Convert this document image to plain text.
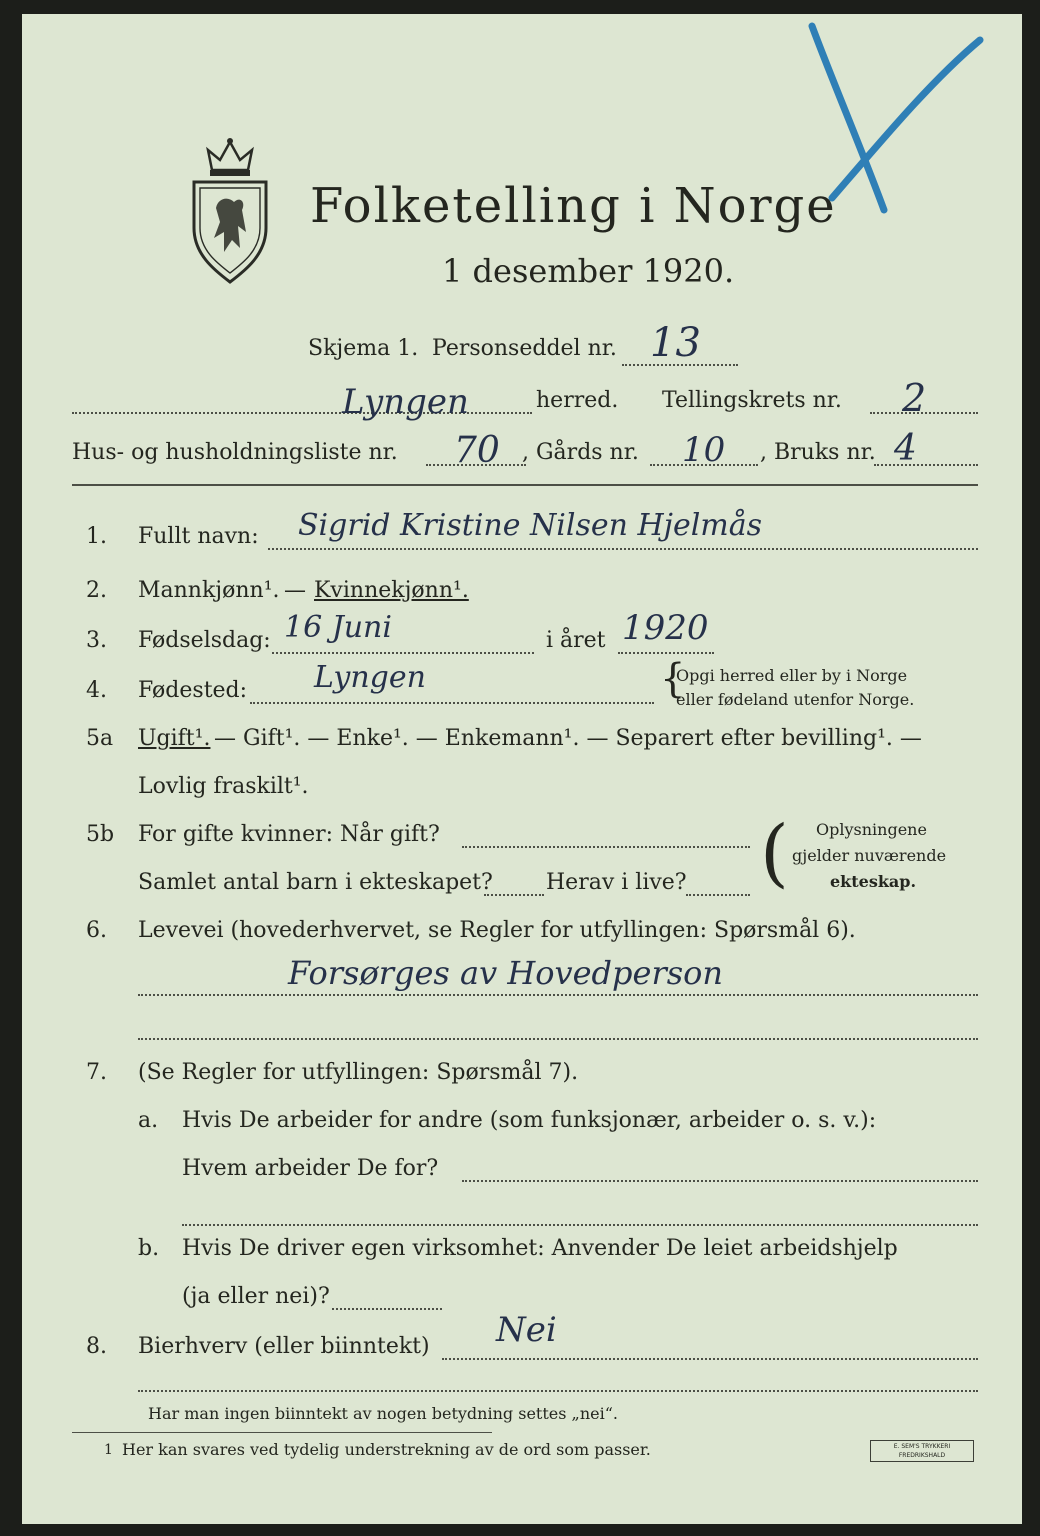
Folketelling i Norge
1 desember 1920.
Skjema 1. Personseddel nr. 13
Lyngen	herred. Tellingskrets nr. 2
Hus- og husholdningsliste nr. 70 , Gårds nr. 10 , Bruks nr. 4
1. Fullt navn: Sigrid Kristine Nilsen Hjelmås
2. Mannkjønn¹. — Kvinnekjønn¹.
3. Fødselsdag: 16 Juni	i året 1920
4. Fødested: Lyngen	{
Opgi herred eller by i Norge
eller fødeland utenfor Norge.
5a Ugift¹. — Gift¹. — Enke¹. — Enkemann¹. — Separert efter bevilling¹. —
Lovlig fraskilt¹.
5b For gifte kvinner: Når gift?
Samlet antal barn i ekteskapet? Herav i live? ( Oplysningene
gjelder nuværende
ekteskap.
6. Levevei (hovederhvervet, se Regler for utfyllingen: Spørsmål 6).
Forsørges av Hovedperson
7. (Se Regler for utfyllingen: Spørsmål 7).
a. Hvis De arbeider for andre (som funksjonær, arbeider o. s. v.):
Hvem arbeider De for?
b. Hvis De driver egen virksomhet: Anvender De leiet arbeidshjelp
(ja eller nei)?
8. Bierhverv (eller biinntekt) Nei
Har man ingen biinntekt av nogen betydning settes „nei“.
1 Her kan svares ved tydelig understrekning av de ord som passer.	E. SEM'S TRYKKERI
FREDRIKSHALD
